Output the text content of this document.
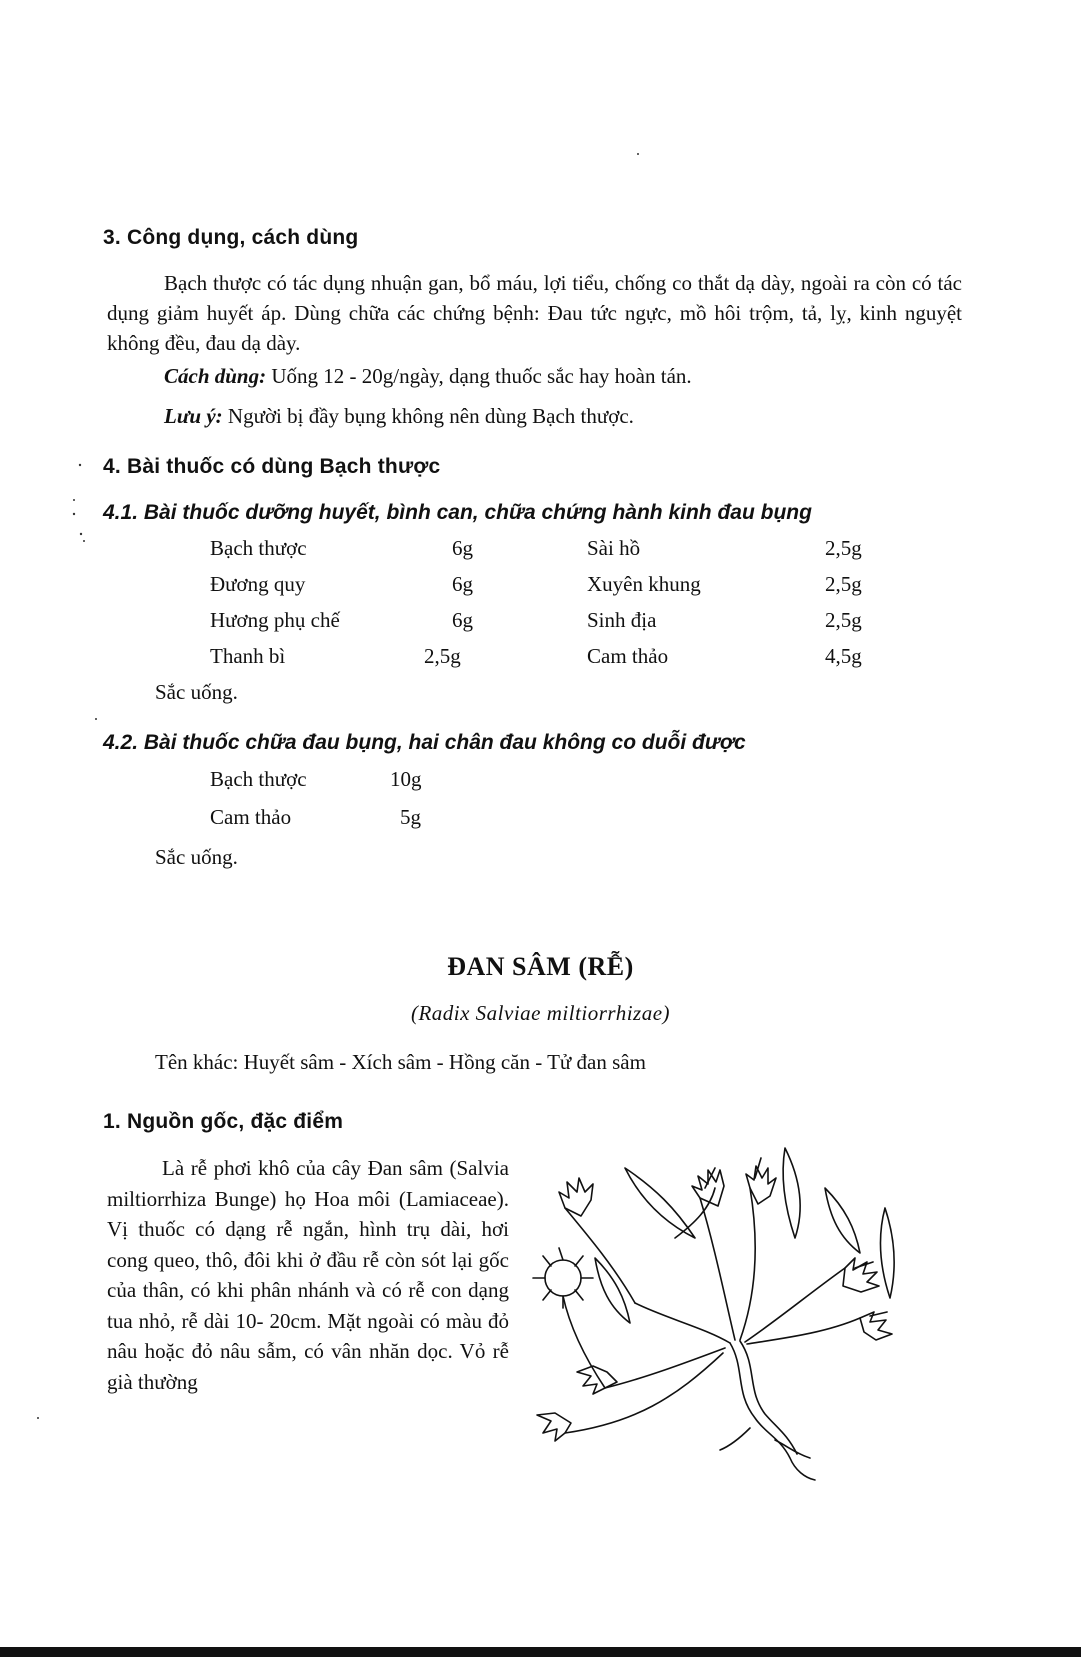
3. Công dụng, cách dùng
Bạch thược có tác dụng nhuận gan, bổ máu, lợi tiểu, chống co thắt dạ dày, ngoài ra còn có tác dụng giảm huyết áp. Dùng chữa các chứng bệnh: Đau tức ngực, mồ hôi trộm, tả, lỵ, kinh nguyệt không đều, đau dạ dày.
Cách dùng: Uống 12 - 20g/ngày, dạng thuốc sắc hay hoàn tán.
Lưu ý: Người bị đầy bụng không nên dùng Bạch thược.
4. Bài thuốc có dùng Bạch thược
4.1. Bài thuốc dưỡng huyết, bình can, chữa chứng hành kinh đau bụng
Bạch thược	6g	Sài hồ	2,5g
Đương quy	6g	Xuyên khung	2,5g
Hương phụ chế	6g	Sinh địa	2,5g
Thanh bì	2,5g	Cam thảo	4,5g
Sắc uống.
4.2. Bài thuốc chữa đau bụng, hai chân đau không co duỗi được
Bạch thược	10g
Cam thảo	5g
Sắc uống.
ĐAN SÂM (RỄ)
(Radix Salviae miltiorrhizae)
Tên khác: Huyết sâm - Xích sâm - Hồng căn - Tử đan sâm
1. Nguồn gốc, đặc điểm
Là rễ phơi khô của cây Đan sâm (Salvia miltiorrhiza Bunge) họ Hoa môi (Lamiaceae). Vị thuốc có dạng rễ ngắn, hình trụ dài, hơi cong queo, thô, đôi khi ở đầu rễ còn sót lại gốc của thân, có khi phân nhánh và có rễ con dạng tua nhỏ, rễ dài 10- 20cm. Mặt ngoài có màu đỏ nâu hoặc đỏ nâu sẫm, có vân nhăn dọc. Vỏ rễ già thường
